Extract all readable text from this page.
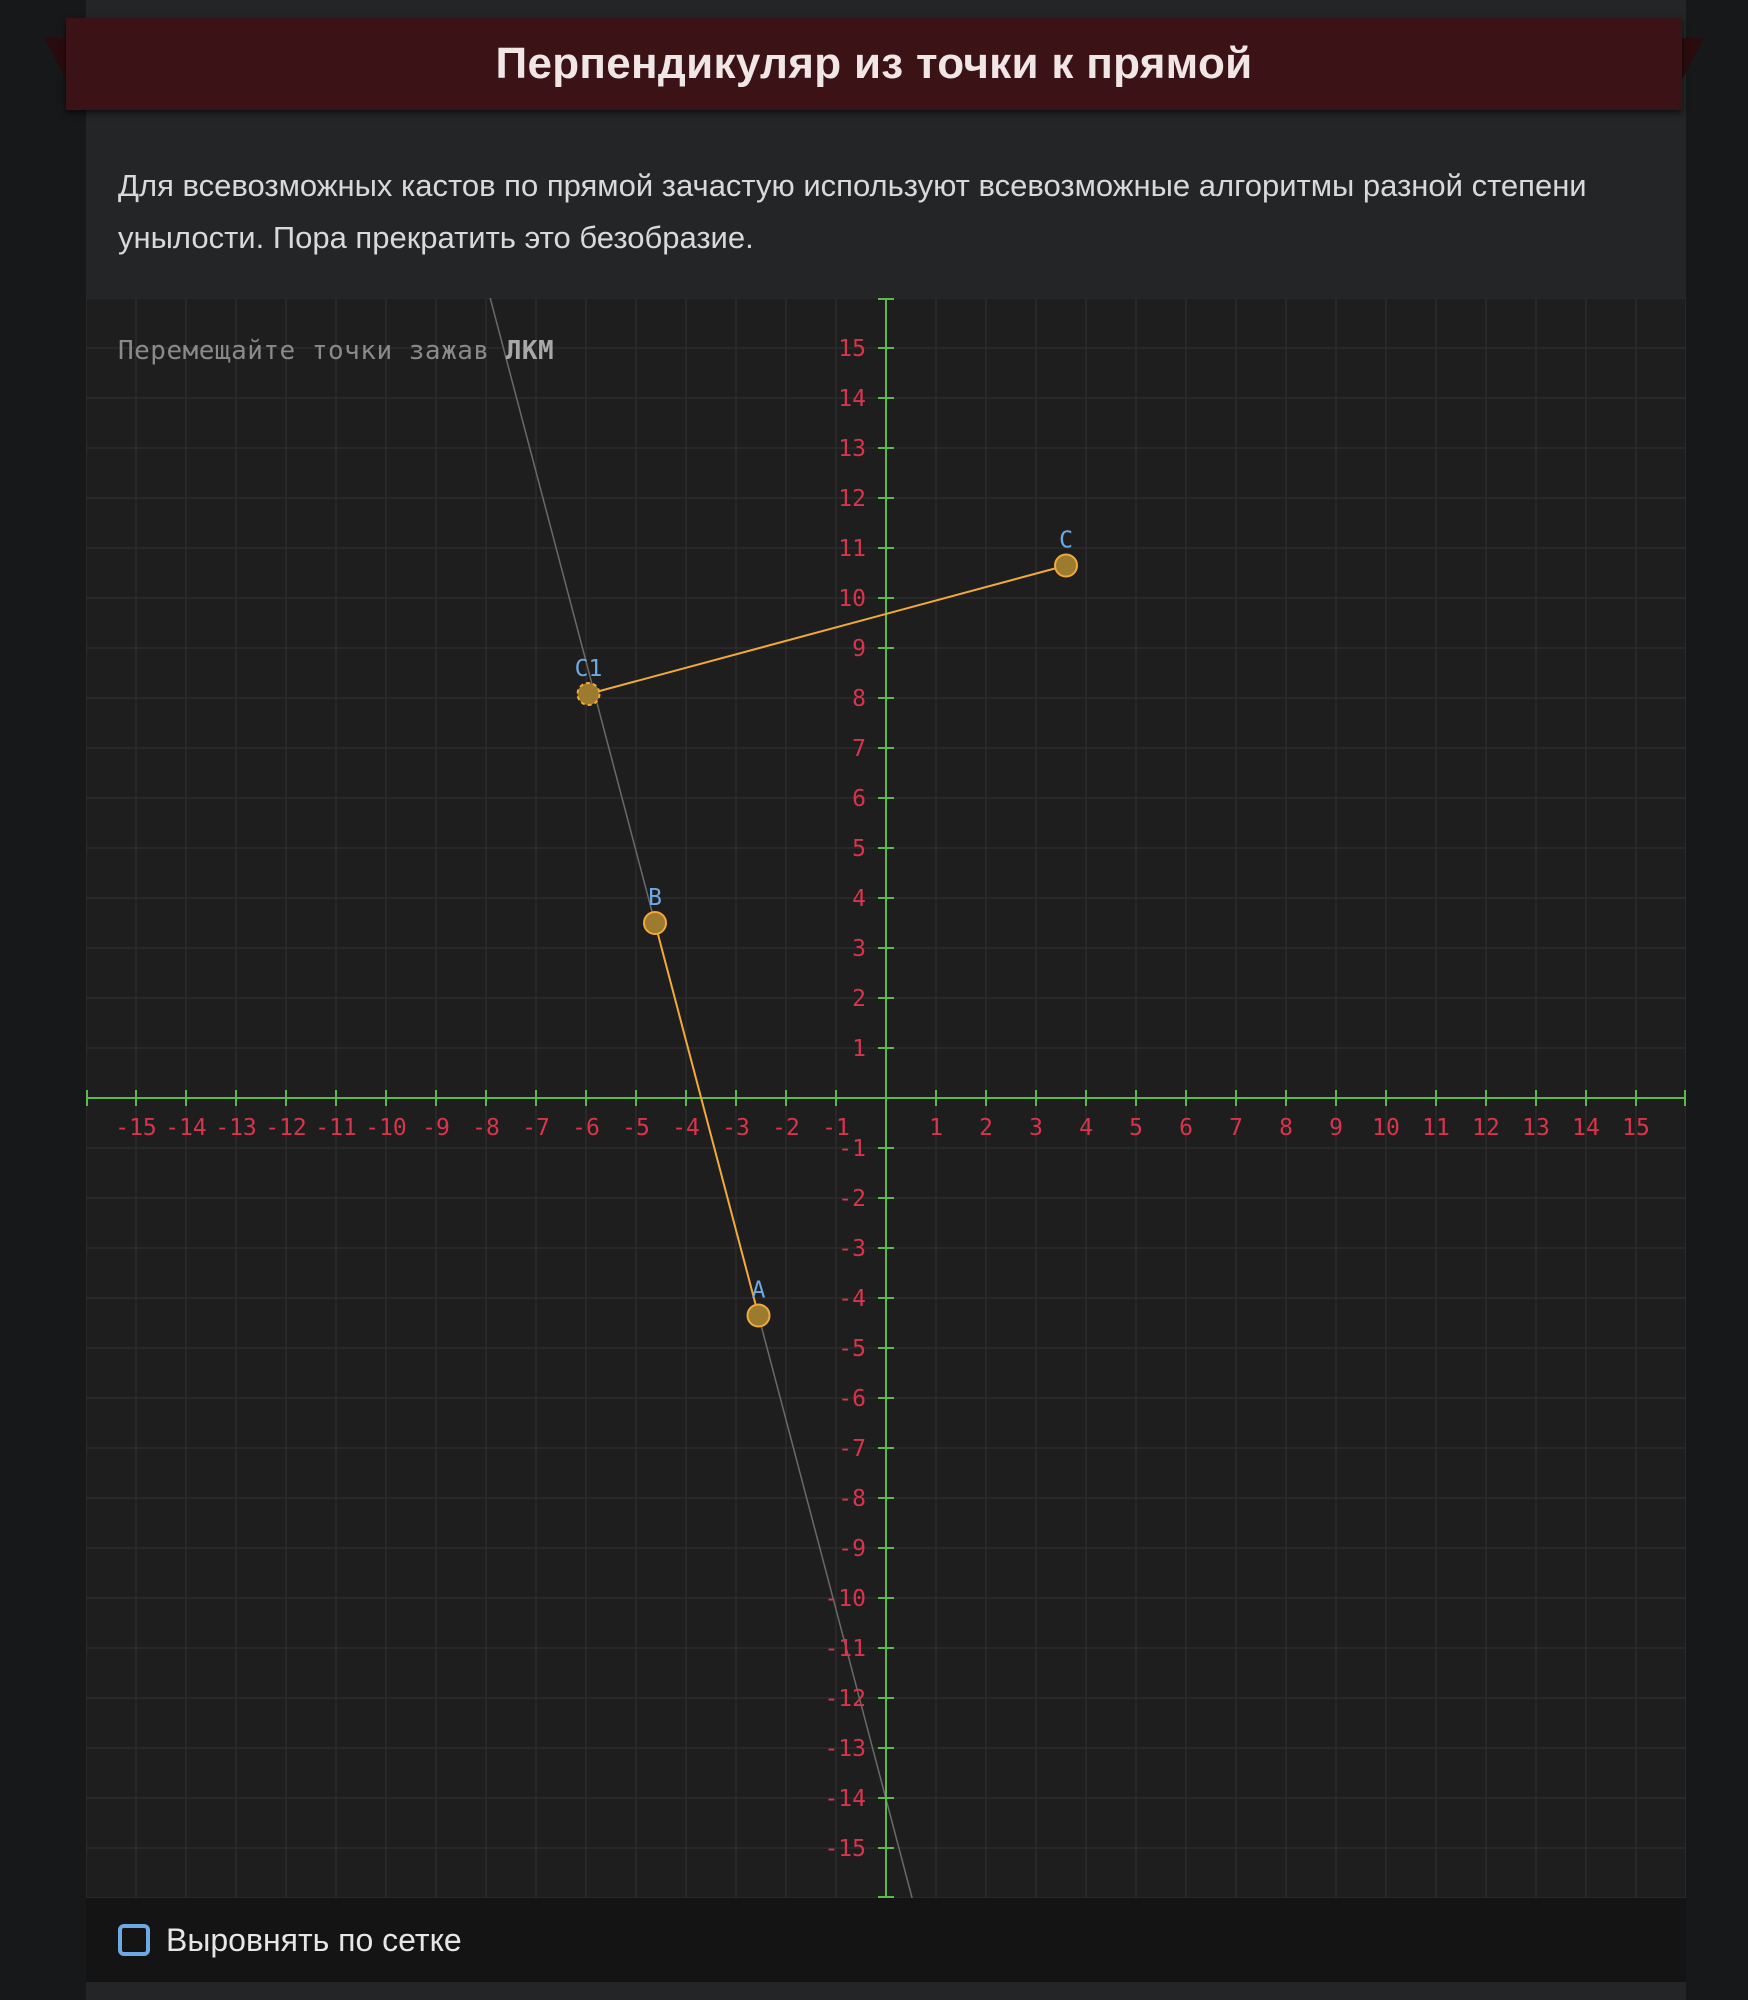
Перпендикуляр из точки к прямой

Для всевозможных кастов по прямой зачастую используют всевозможные алгоритмы разной степени унылости. Пора прекратить это безобразие.

-15
-15
-14
-14
-13
-13
-12
-12
-11
-11
-10
-10
-9
-9
-8
-8
-7
-7
-6
-6
-5
-5
-4
-4
-3
-3
-2
-2
-1
-1
1
1
2
2
3
3
4
4
5
5
6
6
7
7
8
8
9
9
10
10
11
11
12
12
13
13
14
14
15
15
A
B
C
C1
Перемещайте точки зажав ЛКМ
Выровнять по сетке
